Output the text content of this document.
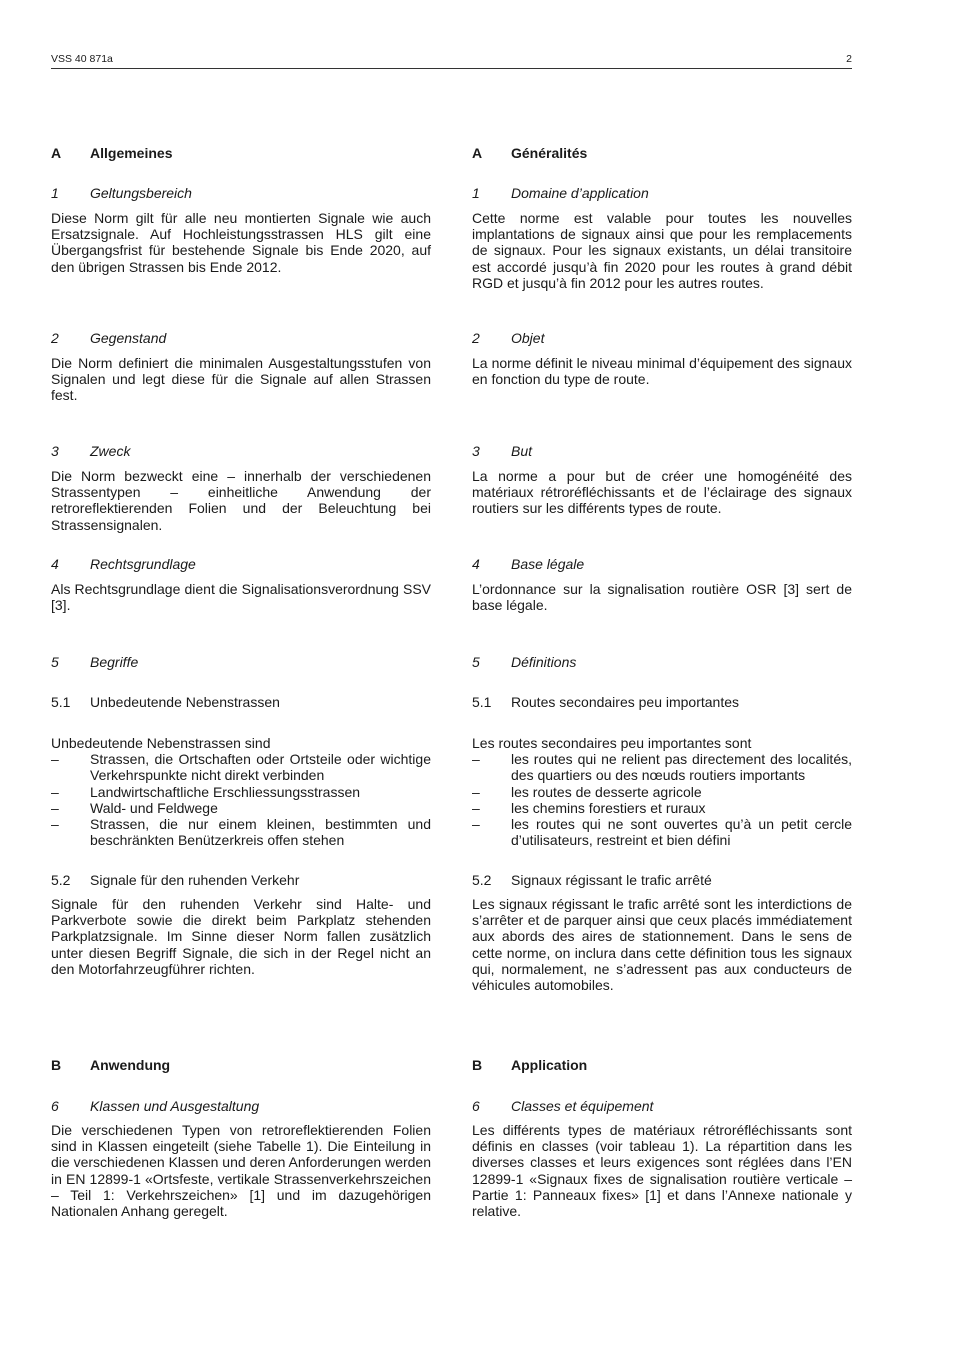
VSS 40 871a	2
A	Allgemeines
1	Geltungsbereich
Diese Norm gilt für alle neu montierten Signale wie auch Ersatzsignale. Auf Hochleistungsstrassen HLS gilt eine Übergangsfrist für bestehende Signale bis Ende 2020, auf den übrigen Strassen bis Ende 2012.
2	Gegenstand
Die Norm definiert die minimalen Ausgestaltungsstufen von Signalen und legt diese für die Signale auf allen Strassen fest.
3	Zweck
Die Norm bezweckt eine – innerhalb der verschiedenen Strassentypen – einheitliche Anwendung der retroreflektierenden Folien und der Beleuchtung bei Strassensignalen.
4	Rechtsgrundlage
Als Rechtsgrundlage dient die Signalisationsverordnung SSV [3].
5	Begriffe
5.1	Unbedeutende Nebenstrassen
Unbedeutende Nebenstrassen sind
– Strassen, die Ortschaften oder Ortsteile oder wichtige Verkehrspunkte nicht direkt verbinden
– Landwirtschaftliche Erschliessungsstrassen
– Wald- und Feldwege
– Strassen, die nur einem kleinen, bestimmten und beschränkten Benützerkreis offen stehen
5.2	Signale für den ruhenden Verkehr
Signale für den ruhenden Verkehr sind Halte- und Parkverbote sowie die direkt beim Parkplatz stehenden Parkplatzsignale. Im Sinne dieser Norm fallen zusätzlich unter diesen Begriff Signale, die sich in der Regel nicht an den Motorfahrzeugführer richten.
B	Anwendung
6	Klassen und Ausgestaltung
Die verschiedenen Typen von retroreflektierenden Folien sind in Klassen eingeteilt (siehe Tabelle 1). Die Einteilung in die verschiedenen Klassen und deren Anforderungen werden in EN 12899-1 «Ortsfeste, vertikale Strassenverkehrszeichen – Teil 1: Verkehrszeichen» [1] und im dazugehörigen Nationalen Anhang geregelt.
A	Généralités
1	Domaine d’application
Cette norme est valable pour toutes les nouvelles implantations de signaux ainsi que pour les remplacements de signaux. Pour les signaux existants, un délai transitoire est accordé jusqu’à fin 2020 pour les routes à grand débit RGD et jusqu’à fin 2012 pour les autres routes.
2	Objet
La norme définit le niveau minimal d’équipement des signaux en fonction du type de route.
3	But
La norme a pour but de créer une homogénéité des matériaux rétroréfléchissants et de l’éclairage des signaux routiers sur les différents types de route.
4	Base légale
L’ordonnance sur la signalisation routière OSR [3] sert de base légale.
5	Définitions
5.1	Routes secondaires peu importantes
Les routes secondaires peu importantes sont
– les routes qui ne relient pas directement des localités, des quartiers ou des nœuds routiers importants
– les routes de desserte agricole
– les chemins forestiers et ruraux
– les routes qui ne sont ouvertes qu’à un petit cercle d’utilisateurs, restreint et bien défini
5.2	Signaux régissant le trafic arrêté
Les signaux régissant le trafic arrêté sont les interdictions de s’arrêter et de parquer ainsi que ceux placés immédiatement aux abords des aires de stationnement. Dans le sens de cette norme, on inclura dans cette définition tous les signaux qui, normalement, ne s’adressent pas aux conducteurs de véhicules automobiles.
B	Application
6	Classes et équipement
Les différents types de matériaux rétroréfléchissants sont définis en classes (voir tableau 1). La répartition dans les diverses classes et leurs exigences sont réglées dans l’EN 12899-1 «Signaux fixes de signalisation routière verticale – Partie 1: Panneaux fixes» [1] et dans l’Annexe nationale y relative.
